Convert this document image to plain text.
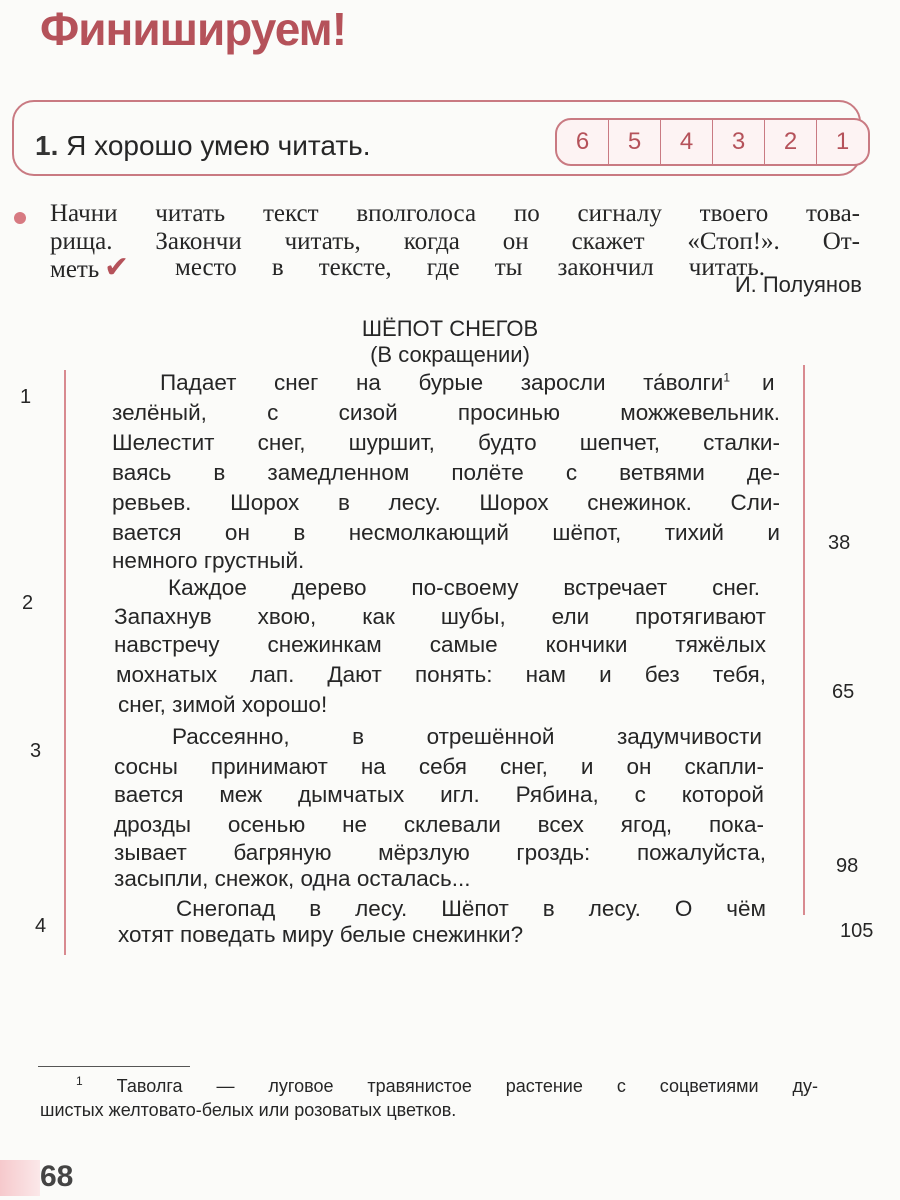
Финишируем!
1. Я хорошо умею читать.	6	5	4	3	2	1
Начни читать текст вполголоса по сигналу твоего това-
рища. Закончи читать, когда он скажет «Стоп!». От-
меть ✔ место в тексте, где ты закончил читать.
И. Полуянов
ШЁПОТ СНЕГОВ
(В сокращении)
1
2
3
4
38
65
98
105
Падает снег на бурые заросли та́волги$^1$ и
зелёный, с сизой просинью можжевельник.
Шелестит снег, шуршит, будто шепчет, сталки-
ваясь в замедленном полёте с ветвями де-
ревьев. Шорох в лесу. Шорох снежинок. Сли-
вается он в несмолкающий шёпот, тихий и
немного грустный.
Каждое дерево по-своему встречает снег.
Запахнув хвою, как шубы, ели протягивают
навстречу снежинкам самые кончики тяжёлых
мохнатых лап. Дают понять: нам и без тебя,
снег, зимой хорошо!
Рассеянно, в отрешённой задумчивости
сосны принимают на себя снег, и он скапли-
вается меж дымчатых игл. Рябина, с которой
дрозды осенью не склевали всех ягод, пока-
зывает багряную мёрзлую гроздь: пожалуйста,
засыпли, снежок, одна осталась...
Снегопад в лесу. Шёпот в лесу. О чём
хотят поведать миру белые снежинки?
$^1$ Таволга — луговое травянистое растение с соцветиями ду-
шистых желтовато-белых или розоватых цветков.
68
